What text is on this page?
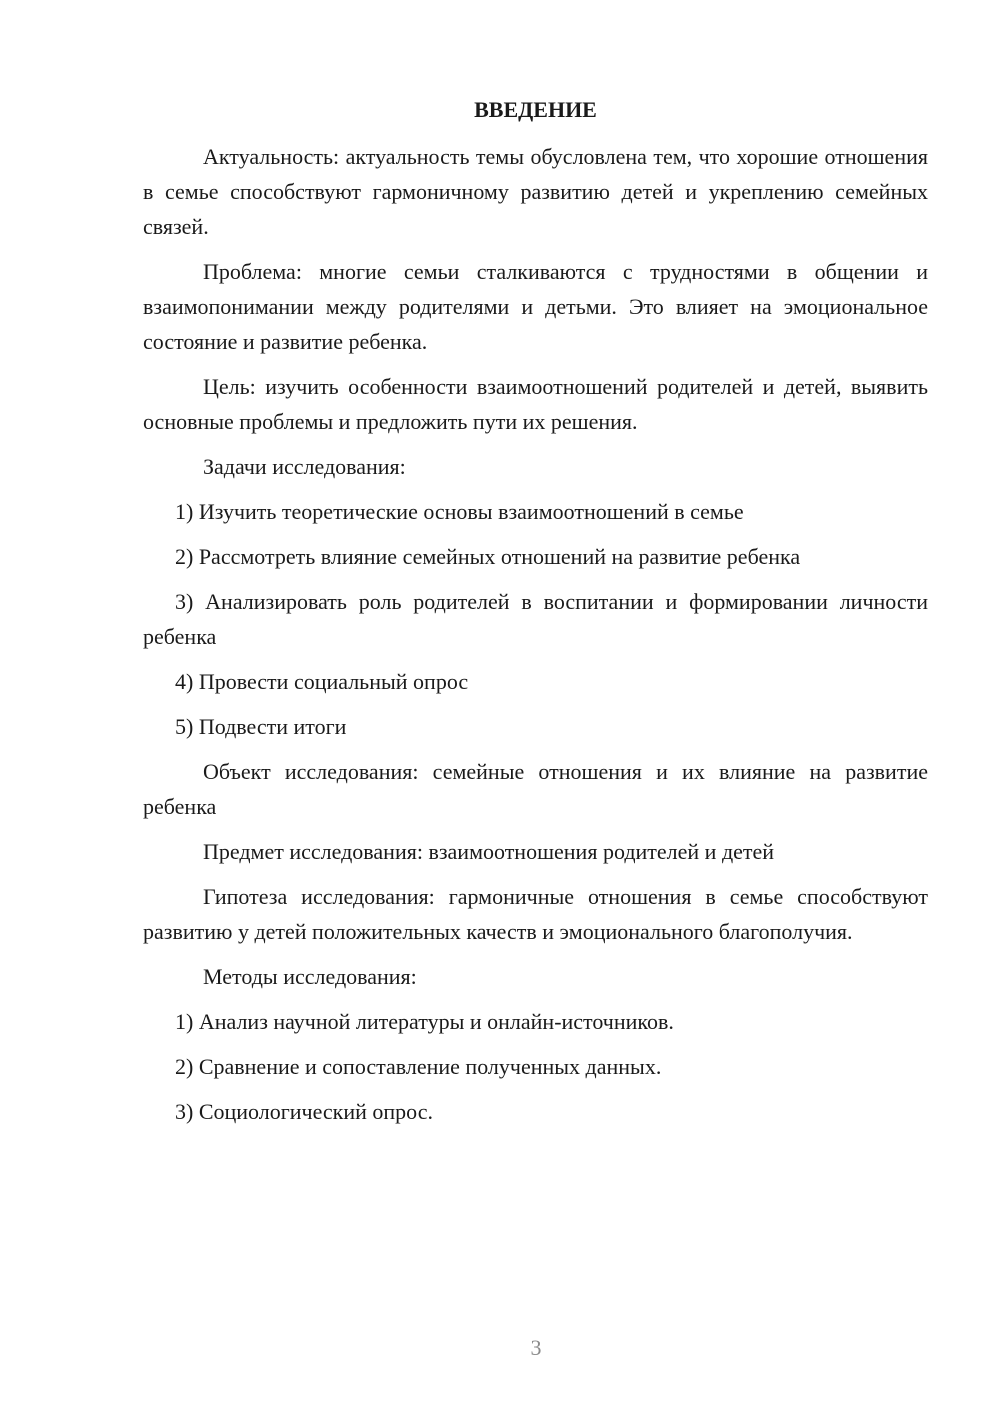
ВВЕДЕНИЕ

Актуальность: актуальность темы обусловлена тем, что хорошие отношения в семье способствуют гармоничному развитию детей и укреплению семейных связей.

Проблема: многие семьи сталкиваются с трудностями в общении и взаимопонимании между родителями и детьми. Это влияет на эмоциональное состояние и развитие ребенка.

Цель: изучить особенности взаимоотношений родителей и детей, выявить основные проблемы и предложить пути их решения.

Задачи исследования:

1) Изучить теоретические основы взаимоотношений в семье

2) Рассмотреть влияние семейных отношений на развитие ребенка

3) Анализировать роль родителей в воспитании и формировании личности ребенка

4) Провести социальный опрос

5) Подвести итоги

Объект исследования: семейные отношения и их влияние на развитие ребенка

Предмет исследования: взаимоотношения родителей и детей

Гипотеза исследования: гармоничные отношения в семье способствуют развитию у детей положительных качеств и эмоционального благополучия.

Методы исследования:

1) Анализ научной литературы и онлайн-источников.

2) Сравнение и сопоставление полученных данных.

3) Социологический опрос.

3
